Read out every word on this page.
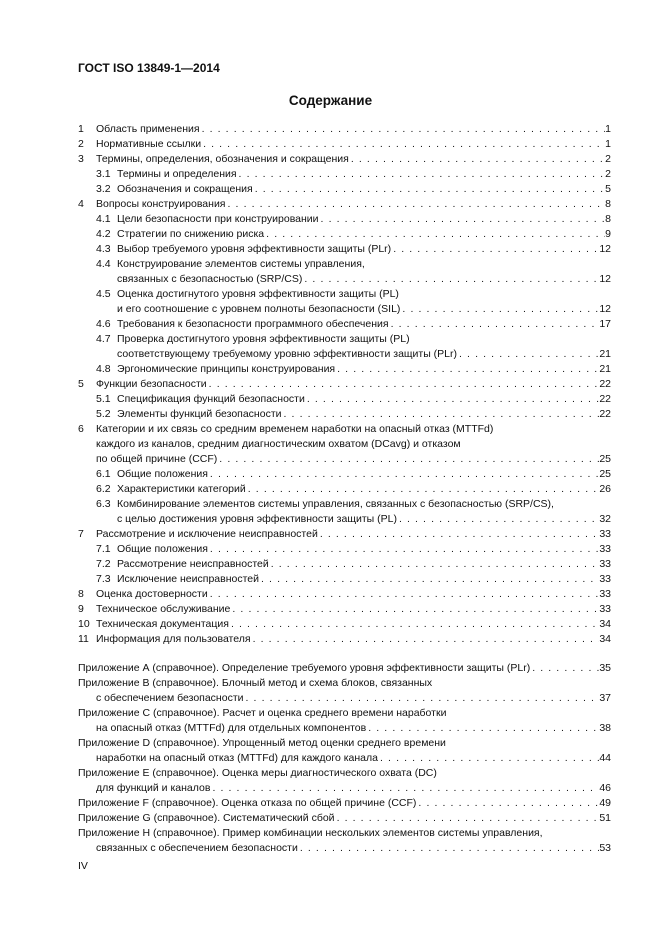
ГОСТ ISO 13849-1—2014
Содержание
1 Область применения . . .	1
2 Нормативные ссылки . . .	1
3 Термины, определения, обозначения и сокращения . . .	2
3.1 Термины и определения . . .	2
3.2 Обозначения и сокращения . . .	5
4 Вопросы конструирования . . .	8
4.1 Цели безопасности при конструировании . . .	8
4.2 Стратегии по снижению риска . . .	9
4.3 Выбор требуемого уровня эффективности защиты (PLr) . . .	12
4.4 Конструирование элементов системы управления,
связанных с безопасностью (SRP/CS) . . .	12
4.5 Оценка достигнутого уровня эффективности защиты (PL)
и его соотношение с уровнем полноты безопасности (SIL) . . .	12
4.6 Требования к безопасности программного обеспечения . . .	17
4.7 Проверка достигнутого уровня эффективности защиты (PL)
соответствующему требуемому уровню эффективности защиты (PLr) . . .	21
4.8 Эргономические принципы конструирования . . .	21
5 Функции безопасности . . .	22
5.1 Спецификация функций безопасности . . .	22
5.2 Элементы функций безопасности . . .	22
6 Категории и их связь со средним временем наработки на опасный отказ (MTTFd)
каждого из каналов, средним диагностическим охватом (DCavg) и отказом
по общей причине (CCF) . . .	25
6.1 Общие положения . . .	25
6.2 Характеристики категорий . . .	26
6.3 Комбинирование элементов системы управления, связанных с безопасностью (SRP/CS),
с целью достижения уровня эффективности защиты (PL) . . .	32
7 Рассмотрение и исключение неисправностей . . .	33
7.1 Общие положения . . .	33
7.2 Рассмотрение неисправностей . . .	33
7.3 Исключение неисправностей . . .	33
8 Оценка достоверности . . .	33
9 Техническое обслуживание . . .	33
10 Техническая документация . . .	34
11 Информация для пользователя . . .	34
Приложение А (справочное). Определение требуемого уровня эффективности защиты (PLr) . . .	35
Приложение В (справочное). Блочный метод и схема блоков, связанных
с обеспечением безопасности . . .	37
Приложение С (справочное). Расчет и оценка среднего времени наработки
на опасный отказ (MTTFd) для отдельных компонентов . . .	38
Приложение D (справочное). Упрощенный метод оценки среднего времени
наработки на опасный отказ (MTTFd) для каждого канала . . .	44
Приложение Е (справочное). Оценка меры диагностического охвата (DC)
для функций и каналов . . .	46
Приложение F (справочное). Оценка отказа по общей причине (CCF) . . .	49
Приложение G (справочное). Систематический сбой . . .	51
Приложение Н (справочное). Пример комбинации нескольких элементов системы управления,
связанных с обеспечением безопасности . . .	53
IV
